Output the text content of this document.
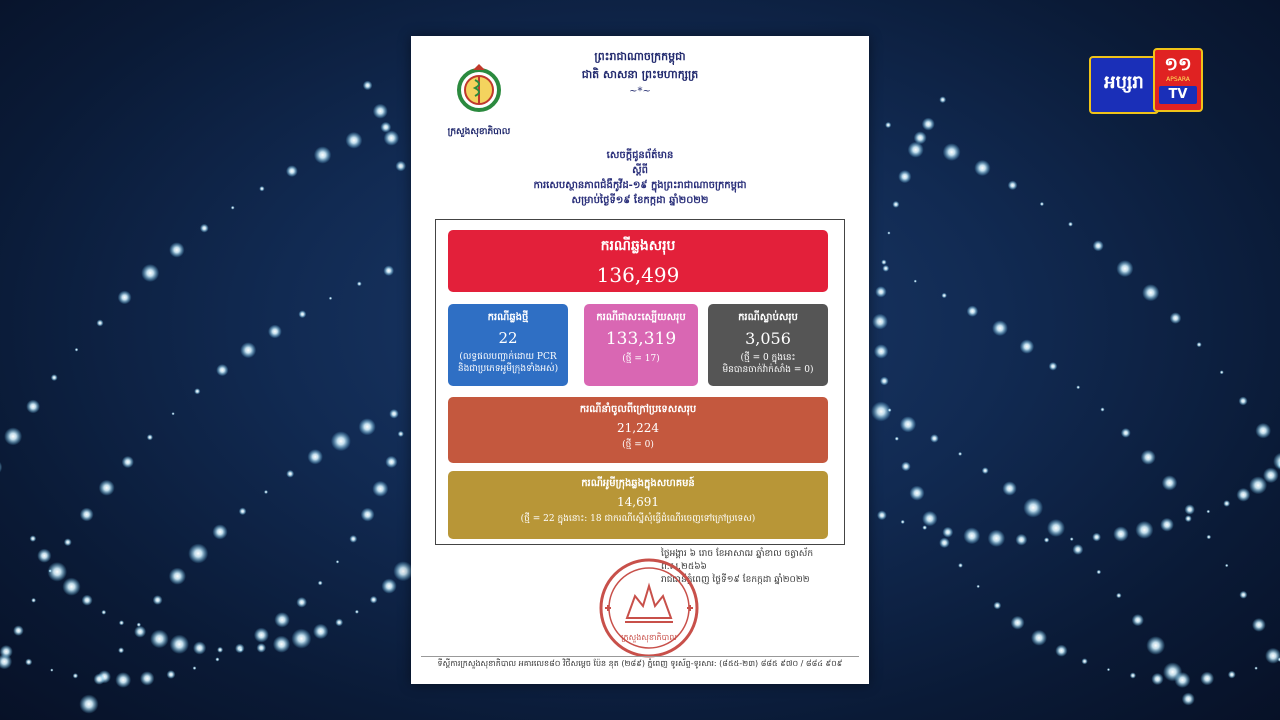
ព្រះរាជាណាចក្រកម្ពុជា
ជាតិ សាសនា ព្រះមហាក្សត្រ
~*~
ក្រសួងសុខាភិបាល
សេចក្ដីជូនព័ត៌មាន
ស្ដីពី
ការសេបស្ថានភាពជំងឺកូវីដ-១៩ ក្នុងព្រះរាជាណាចក្រកម្ពុជា
សម្រាប់ថ្ងៃទី១៩ ខែកក្កដា ឆ្នាំ២០២២
ករណីឆ្លងសរុប
136,499
ករណីឆ្លងថ្មី
22
(លទ្ធផលបញ្ជាក់ដោយ PCR
និងជាប្រភេទអូមីក្រុងទាំងអស់)
ករណីជាសះស្បើយសរុប
133,319
(ថ្មី = 17)
ករណីស្លាប់សរុប
3,056
(ថ្មី = 0 ក្នុងនេះ
មិនបានចាក់វ៉ាក់សាំង = 0)
ករណីនាំចូលពីក្រៅប្រទេសសរុប
21,224
(ថ្មី = 0)
ករណីអូមីក្រុងឆ្លងក្នុងសហគមន៍
14,691
(ថ្មី = 22 ក្នុងនោះ: 18 ជាករណីស្នើសុំធ្វើដំណើរចេញទៅក្រៅប្រទេស)
ថ្ងៃអង្គារ ៦ រោច ខែអាសាឍ ឆ្នាំខាល ចត្វាស័ក ព.ស.២៥៦៦
រាជធានីភ្នំពេញ ថ្ងៃទី១៩ ខែកក្កដា ឆ្នាំ២០២២
ក្រសួងសុខាភិបាល
ទីស្តីការក្រសួងសុខាភិបាល អគារលេខ៨០ វិថីសម្តេច ប៉ែន នុត (២៨៩) ភ្នំពេញ ទូរស័ព្ទ-ទូរសារ: (៨៥៥-២៣) ៨៨៥ ៩៧០ / ៨៨៤ ៩០៩
អប្សរា
១១
APSARA
TV
